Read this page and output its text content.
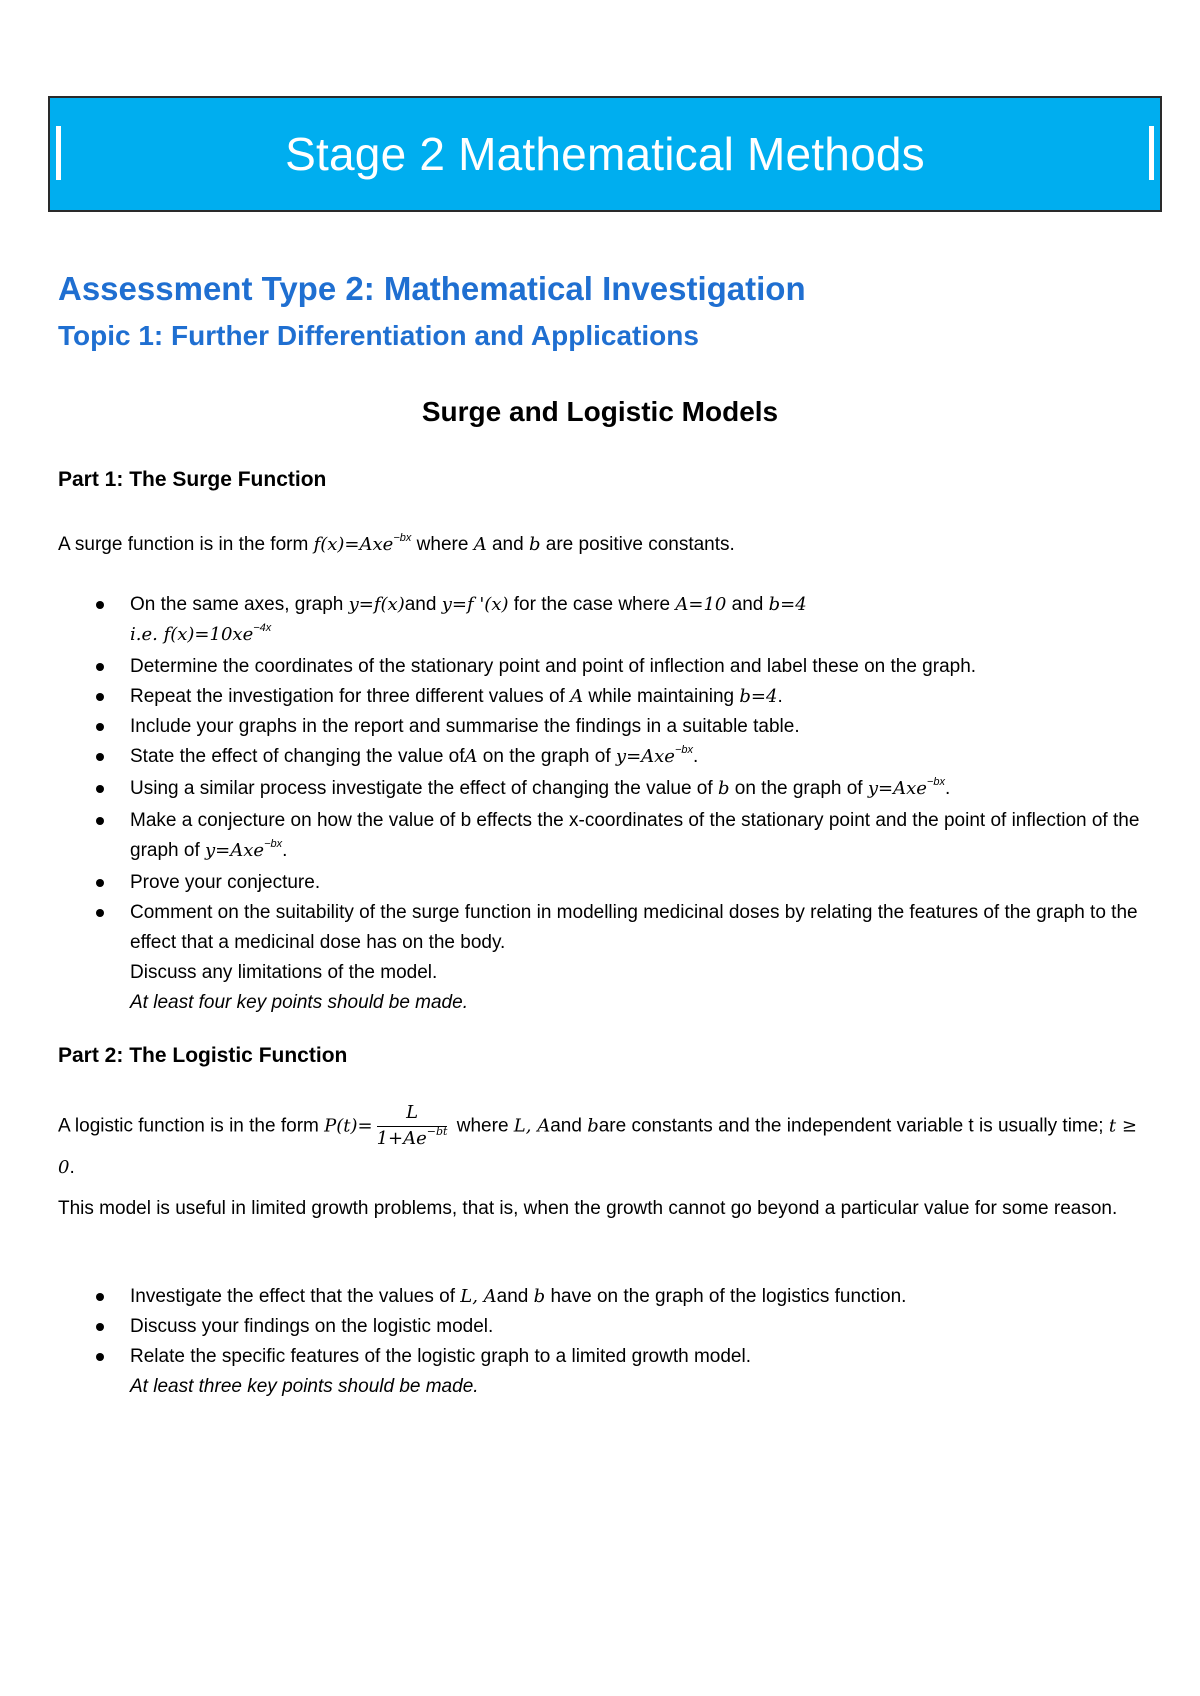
Stage 2 Mathematical Methods
Assessment Type 2: Mathematical Investigation
Topic 1: Further Differentiation and Applications
Surge and Logistic Models
Part 1: The Surge Function

A surge function is in the form f(x)=Axe$^{-bx}$ where A and b are positive constants.

On the same axes, graph y=f(x)and y=f '(x) for the case where A=10 and b=4
i.e. $f(x)=10xe^{-4x}$
Determine the coordinates of the stationary point and point of inflection and label these on the graph.
Repeat the investigation for three different values of A while maintaining b=4.
Include your graphs in the report and summarise the findings in a suitable table.
State the effect of changing the value ofA on the graph of y=Axe$^{-bx}$.
Using a similar process investigate the effect of changing the value of b on the graph of y=Axe$^{-bx}$.
Make a conjecture on how the value of b effects the x-coordinates of the stationary point and the point of inflection of the graph of y=Axe$^{-bx}$.
Prove your conjecture.
Comment on the suitability of the surge function in modelling medicinal doses by relating the features of the graph to the effect that a medicinal dose has on the body.
Discuss any limitations of the model.
At least four key points should be made.
Part 2: The Logistic Function

A logistic function is in the form $P(t)= \frac{L}{1+Ae^{-bt}}$ where L, Aand bare constants and the independent variable t is usually time; t ≥ 0.

This model is useful in limited growth problems, that is, when the growth cannot go beyond a particular value for some reason.

Investigate the effect that the values of L, Aand b have on the graph of the logistics function.
Discuss your findings on the logistic model.
Relate the specific features of the logistic graph to a limited growth model.
At least three key points should be made.
